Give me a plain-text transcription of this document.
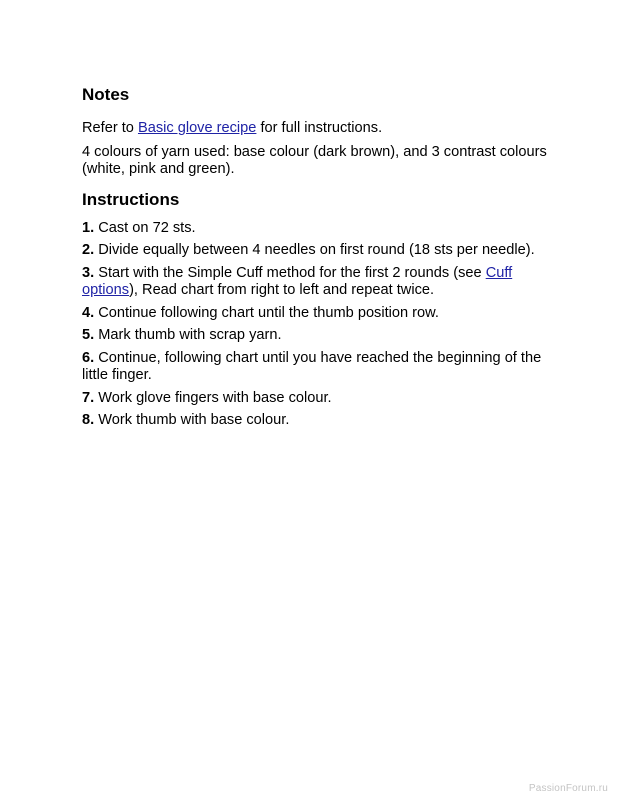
Notes

Refer to Basic glove recipe for full instructions.

4 colours of yarn used: base colour (dark brown), and 3 contrast colours (white, pink and green).

Instructions
1. Cast on 72 sts.
2. Divide equally between 4 needles on first round (18 sts per needle).
3. Start with the Simple Cuff method for the first 2 rounds (see Cuff options), Read chart from right to left and repeat twice.
4. Continue following chart until the thumb position row.
5. Mark thumb with scrap yarn.
6. Continue, following chart until you have reached the beginning of the little finger.
7. Work glove fingers with base colour.
8. Work thumb with base colour.
PassionForum.ru
